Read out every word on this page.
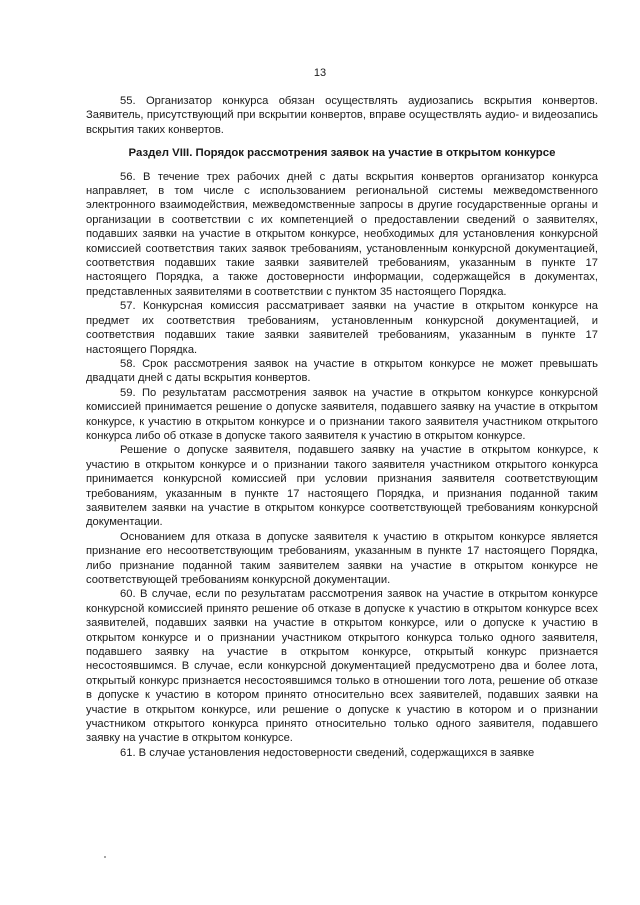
13

55. Организатор конкурса обязан осуществлять аудиозапись вскрытия конвертов. Заявитель, присутствующий при вскрытии конвертов, вправе осуществлять аудио- и видеозапись вскрытия таких конвертов.

Раздел VIII. Порядок рассмотрения заявок на участие в открытом конкурсе

56. В течение трех рабочих дней с даты вскрытия конвертов организатор конкурса направляет, в том числе с использованием региональной системы межведомственного электронного взаимодействия, межведомственные запросы в другие государственные органы и организации в соответствии с их компетенцией о предоставлении сведений о заявителях, подавших заявки на участие в открытом конкурсе, необходимых для установления конкурсной комиссией соответствия таких заявок требованиям, установленным конкурсной документацией, соответствия подавших такие заявки заявителей требованиям, указанным в пункте 17 настоящего Порядка, а также достоверности информации, содержащейся в документах, представленных заявителями в соответствии с пунктом 35 настоящего Порядка.

57. Конкурсная комиссия рассматривает заявки на участие в открытом конкурсе на предмет их соответствия требованиям, установленным конкурсной документацией, и соответствия подавших такие заявки заявителей требованиям, указанным в пункте 17 настоящего Порядка.

58. Срок рассмотрения заявок на участие в открытом конкурсе не может превышать двадцати дней с даты вскрытия конвертов.

59. По результатам рассмотрения заявок на участие в открытом конкурсе конкурсной комиссией принимается решение о допуске заявителя, подавшего заявку на участие в открытом конкурсе, к участию в открытом конкурсе и о признании такого заявителя участником открытого конкурса либо об отказе в допуске такого заявителя к участию в открытом конкурсе.

Решение о допуске заявителя, подавшего заявку на участие в открытом конкурсе, к участию в открытом конкурсе и о признании такого заявителя участником открытого конкурса принимается конкурсной комиссией при условии признания заявителя соответствующим требованиям, указанным в пункте 17 настоящего Порядка, и признания поданной таким заявителем заявки на участие в открытом конкурсе соответствующей требованиям конкурсной документации.

Основанием для отказа в допуске заявителя к участию в открытом конкурсе является признание его несоответствующим требованиям, указанным в пункте 17 настоящего Порядка, либо признание поданной таким заявителем заявки на участие в открытом конкурсе не соответствующей требованиям конкурсной документации.

60. В случае, если по результатам рассмотрения заявок на участие в открытом конкурсе конкурсной комиссией принято решение об отказе в допуске к участию в открытом конкурсе всех заявителей, подавших заявки на участие в открытом конкурсе, или о допуске к участию в открытом конкурсе и о признании участником открытого конкурса только одного заявителя, подавшего заявку на участие в открытом конкурсе, открытый конкурс признается несостоявшимся. В случае, если конкурсной документацией предусмотрено два и более лота, открытый конкурс признается несостоявшимся только в отношении того лота, решение об отказе в допуске к участию в котором принято относительно всех заявителей, подавших заявки на участие в открытом конкурсе, или решение о допуске к участию в котором и о признании участником открытого конкурса принято относительно только одного заявителя, подавшего заявку на участие в открытом конкурсе.

61. В случае установления недостоверности сведений, содержащихся в заявке
